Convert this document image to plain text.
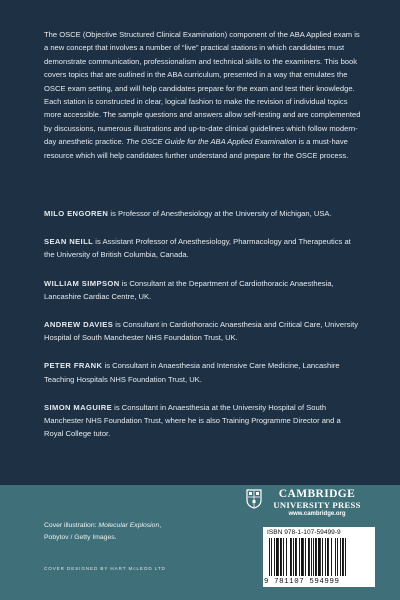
The OSCE (Objective Structured Clinical Examination) component of the ABA Applied exam is a new concept that involves a number of “live” practical stations in which candidates must demonstrate communication, professionalism and technical skills to the examiners. This book covers topics that are outlined in the ABA curriculum, presented in a way that emulates the OSCE exam setting, and will help candidates prepare for the exam and test their knowledge. Each station is constructed in clear, logical fashion to make the revision of individual topics more accessible. The sample questions and answers allow self-testing and are complemented by discussions, numerous illustrations and up-to-date clinical guidelines which follow modern-day anesthetic practice. The OSCE Guide for the ABA Applied Examination is a must-have resource which will help candidates further understand and prepare for the OSCE process.

MILO ENGOREN is Professor of Anesthesiology at the University of Michigan, USA.

SEAN NEILL is Assistant Professor of Anesthesiology, Pharmacology and Therapeutics at the University of British Columbia, Canada.

WILLIAM SIMPSON is Consultant at the Department of Cardiothoracic Anaesthesia, Lancashire Cardiac Centre, UK.

ANDREW DAVIES is Consultant in Cardiothoracic Anaesthesia and Critical Care, University Hospital of South Manchester NHS Foundation Trust, UK.

PETER FRANK is Consultant in Anaesthesia and Intensive Care Medicine, Lancashire Teaching Hospitals NHS Foundation Trust, UK.

SIMON MAGUIRE is Consultant in Anaesthesia at the University Hospital of South Manchester NHS Foundation Trust, where he is also Training Programme Director and a Royal College tutor.

Cover illustration: Molecular Explosion,
Pobytov / Getty Images.
COVER DESIGNED BY HART McLEOD LTD
CAMBRIDGE
UNIVERSITY PRESS
www.cambridge.org
ISBN 978-1-107-59499-9
9 781107 594999
